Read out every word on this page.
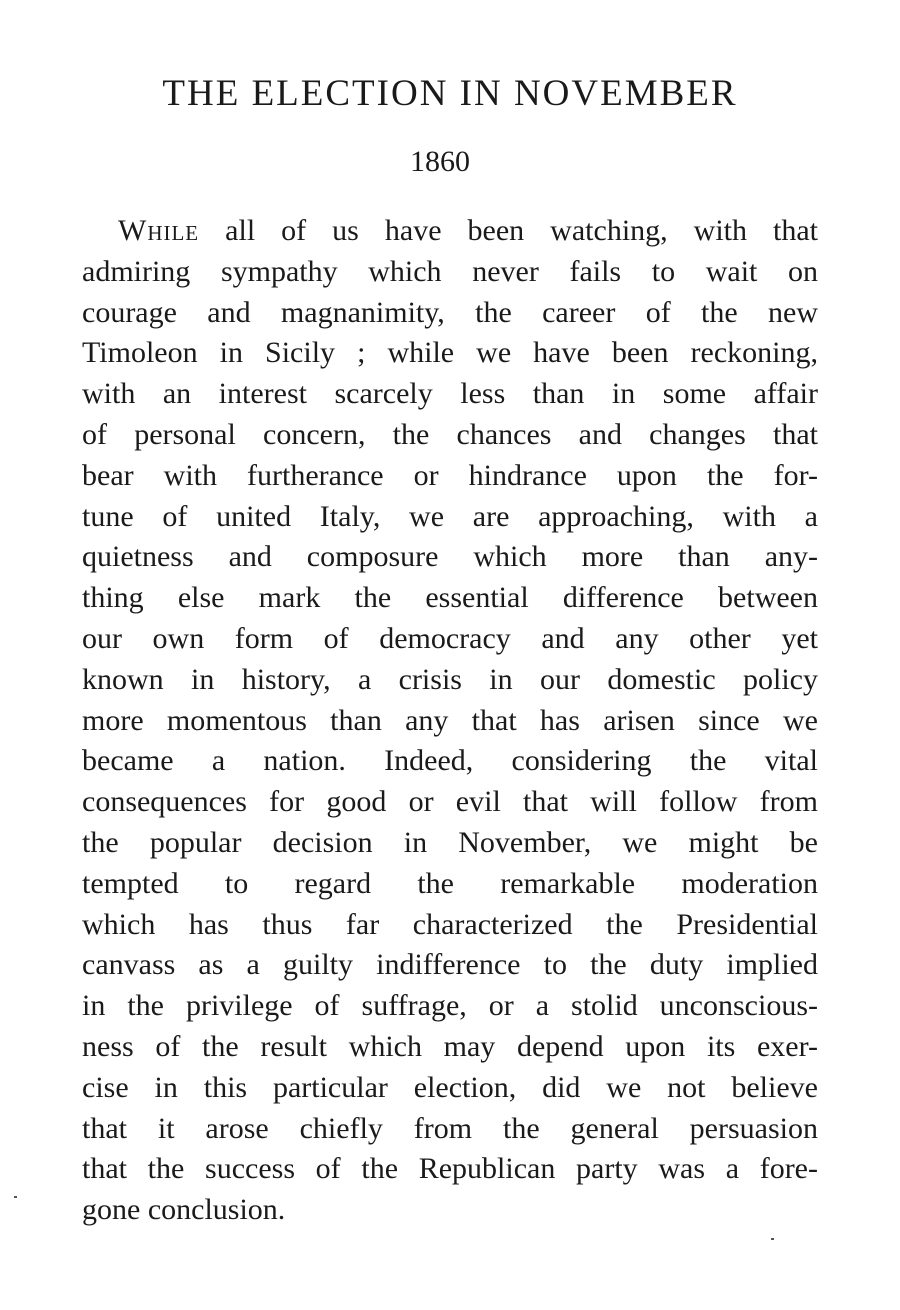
THE ELECTION IN NOVEMBER
1860
While all of us have been watching, with that
admiring sympathy which never fails to wait on
courage and magnanimity, the career of the new
Timoleon in Sicily ; while we have been reckoning,
with an interest scarcely less than in some affair
of personal concern, the chances and changes that
bear with furtherance or hindrance upon the for-
tune of united Italy, we are approaching, with a
quietness and composure which more than any-
thing else mark the essential difference between
our own form of democracy and any other yet
known in history, a crisis in our domestic policy
more momentous than any that has arisen since we
became a nation. Indeed, considering the vital
consequences for good or evil that will follow from
the popular decision in November, we might be
tempted to regard the remarkable moderation
which has thus far characterized the Presidential
canvass as a guilty indifference to the duty implied
in the privilege of suffrage, or a stolid unconscious-
ness of the result which may depend upon its exer-
cise in this particular election, did we not believe
that it arose chiefly from the general persuasion
that the success of the Republican party was a fore-
gone conclusion.
